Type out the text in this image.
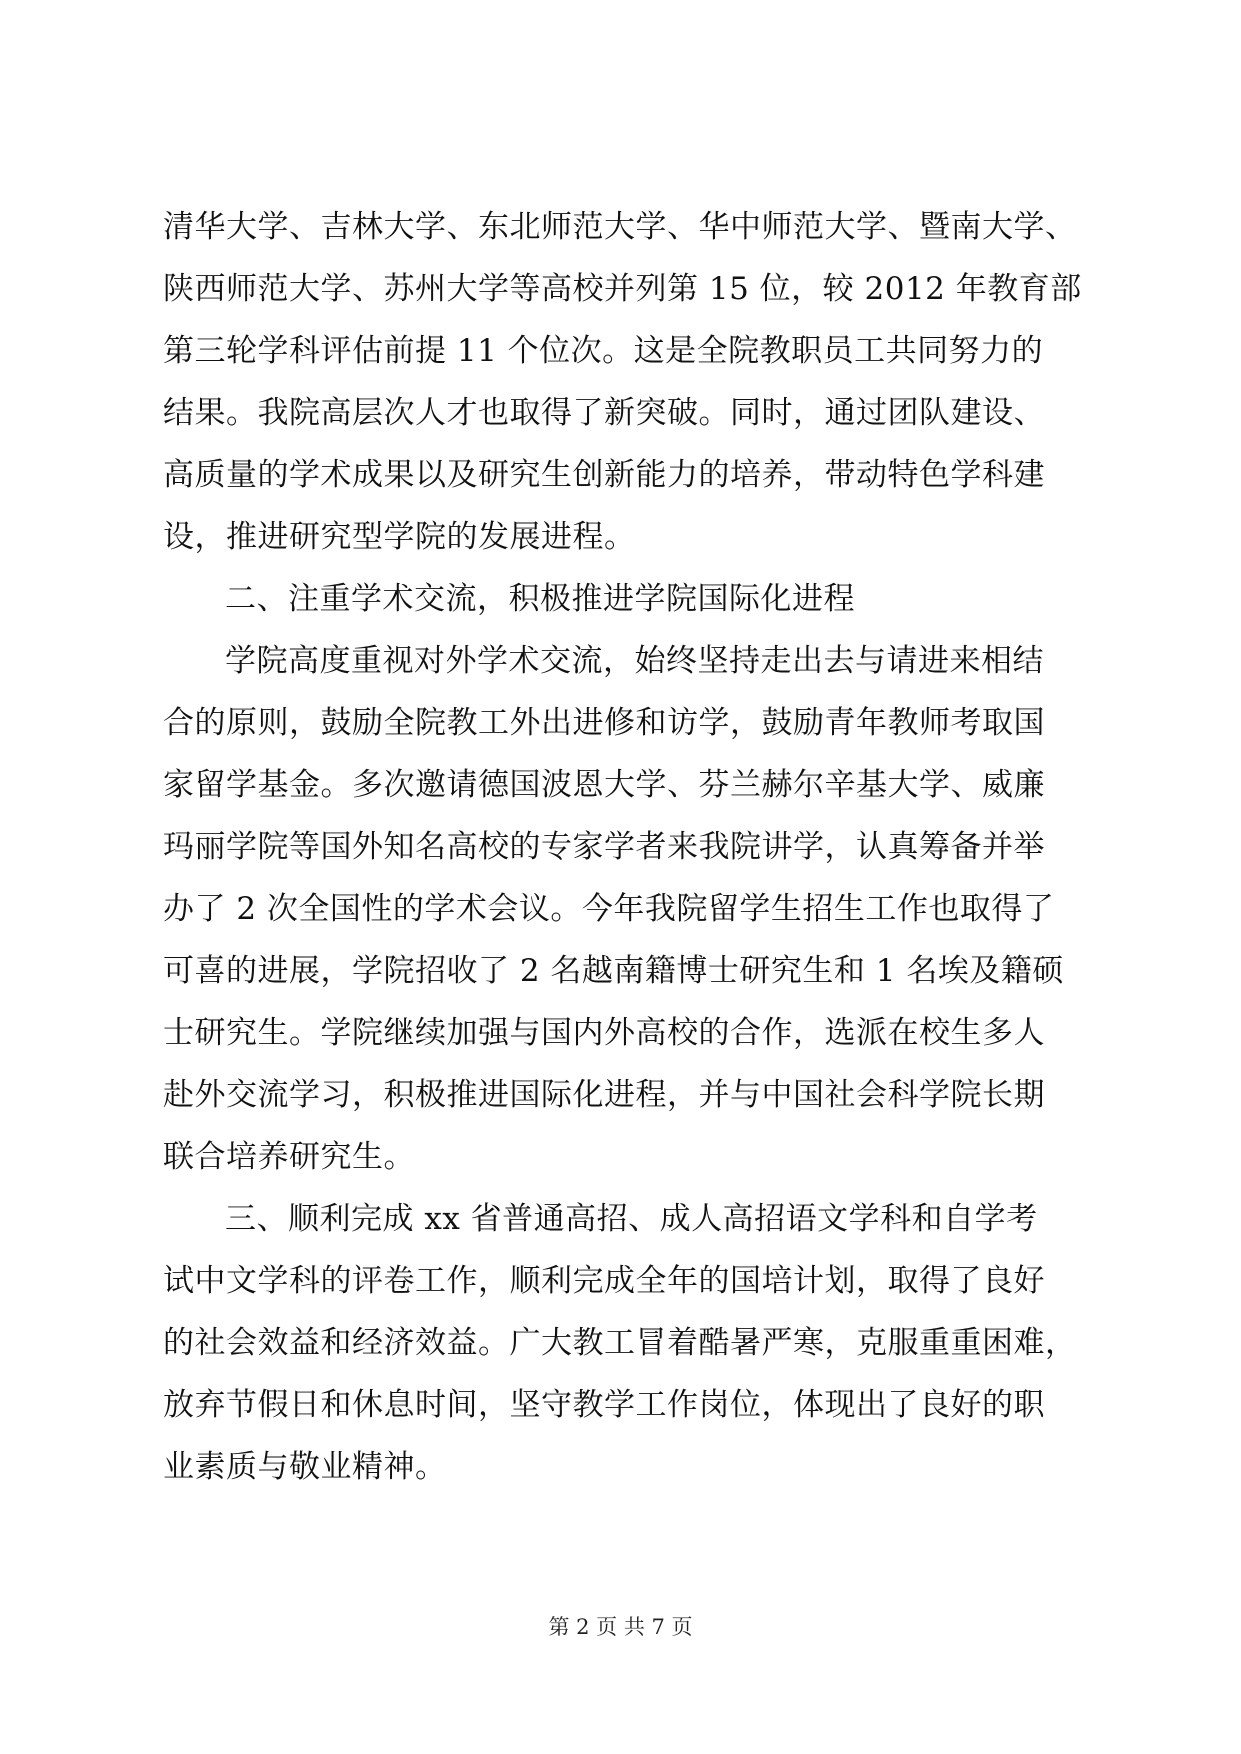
清华大学、吉林大学、东北师范大学、华中师范大学、暨南大学、
陕西师范大学、苏州大学等高校并列第 15 位，较 2012 年教育部
第三轮学科评估前提 11 个位次。这是全院教职员工共同努力的
结果。我院高层次人才也取得了新突破。同时，通过团队建设、
高质量的学术成果以及研究生创新能力的培养，带动特色学科建
设，推进研究型学院的发展进程。
二、注重学术交流，积极推进学院国际化进程
学院高度重视对外学术交流，始终坚持走出去与请进来相结
合的原则，鼓励全院教工外出进修和访学，鼓励青年教师考取国
家留学基金。多次邀请德国波恩大学、芬兰赫尔辛基大学、威廉
玛丽学院等国外知名高校的专家学者来我院讲学，认真筹备并举
办了 2 次全国性的学术会议。今年我院留学生招生工作也取得了
可喜的进展，学院招收了 2 名越南籍博士研究生和 1 名埃及籍硕
士研究生。学院继续加强与国内外高校的合作，选派在校生多人
赴外交流学习，积极推进国际化进程，并与中国社会科学院长期
联合培养研究生。
三、顺利完成 xx 省普通高招、成人高招语文学科和自学考
试中文学科的评卷工作，顺利完成全年的国培计划，取得了良好
的社会效益和经济效益。广大教工冒着酷暑严寒，克服重重困难，
放弃节假日和休息时间，坚守教学工作岗位，体现出了良好的职
业素质与敬业精神。
第 2 页 共 7 页
